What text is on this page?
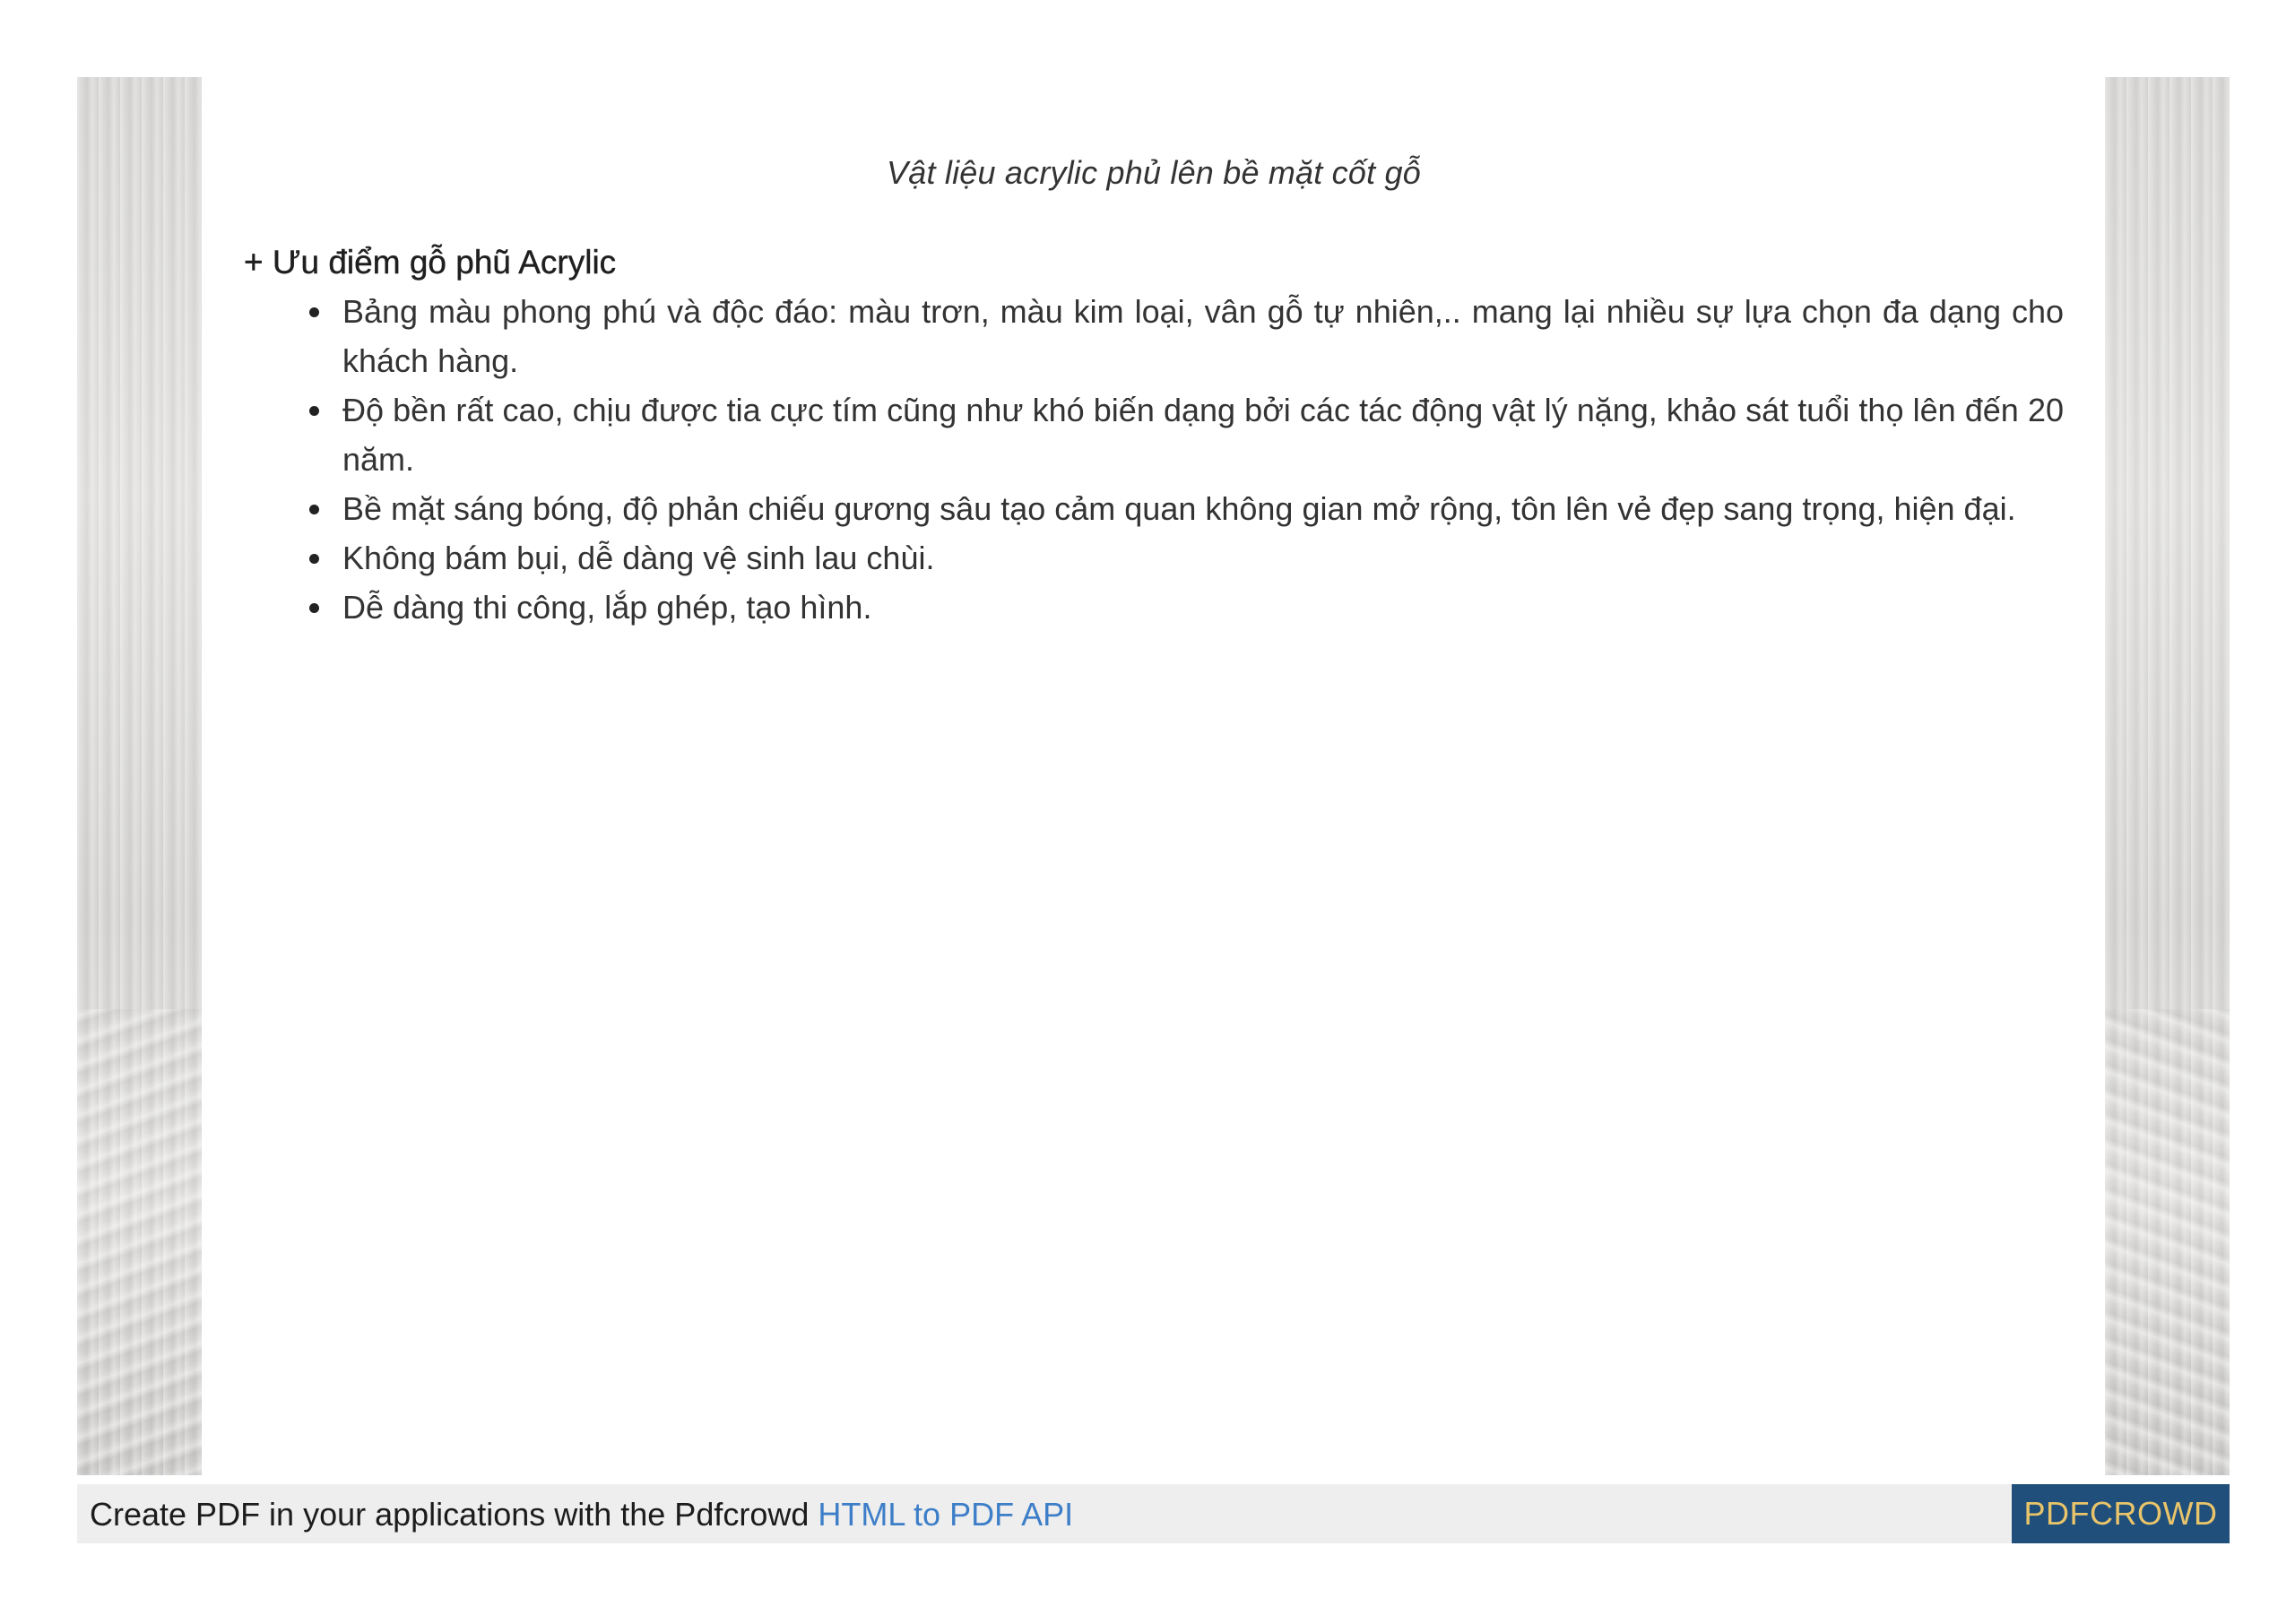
Vật liệu acrylic phủ lên bề mặt cốt gỗ
+ Ưu điểm gỗ phũ Acrylic
Bảng màu phong phú và độc đáo: màu trơn, màu kim loại, vân gỗ tự nhiên,.. mang lại nhiều sự lựa chọn đa dạng cho khách hàng.
Độ bền rất cao, chịu được tia cực tím cũng như khó biến dạng bởi các tác động vật lý nặng, khảo sát tuổi thọ lên đến 20 năm.
Bề mặt sáng bóng, độ phản chiếu gương sâu tạo cảm quan không gian mở rộng, tôn lên vẻ đẹp sang trọng, hiện đại.
Không bám bụi, dễ dàng vệ sinh lau chùi.
Dễ dàng thi công, lắp ghép, tạo hình.
Create PDF in your applications with the Pdfcrowd HTML to PDF API	PDFCROWD
